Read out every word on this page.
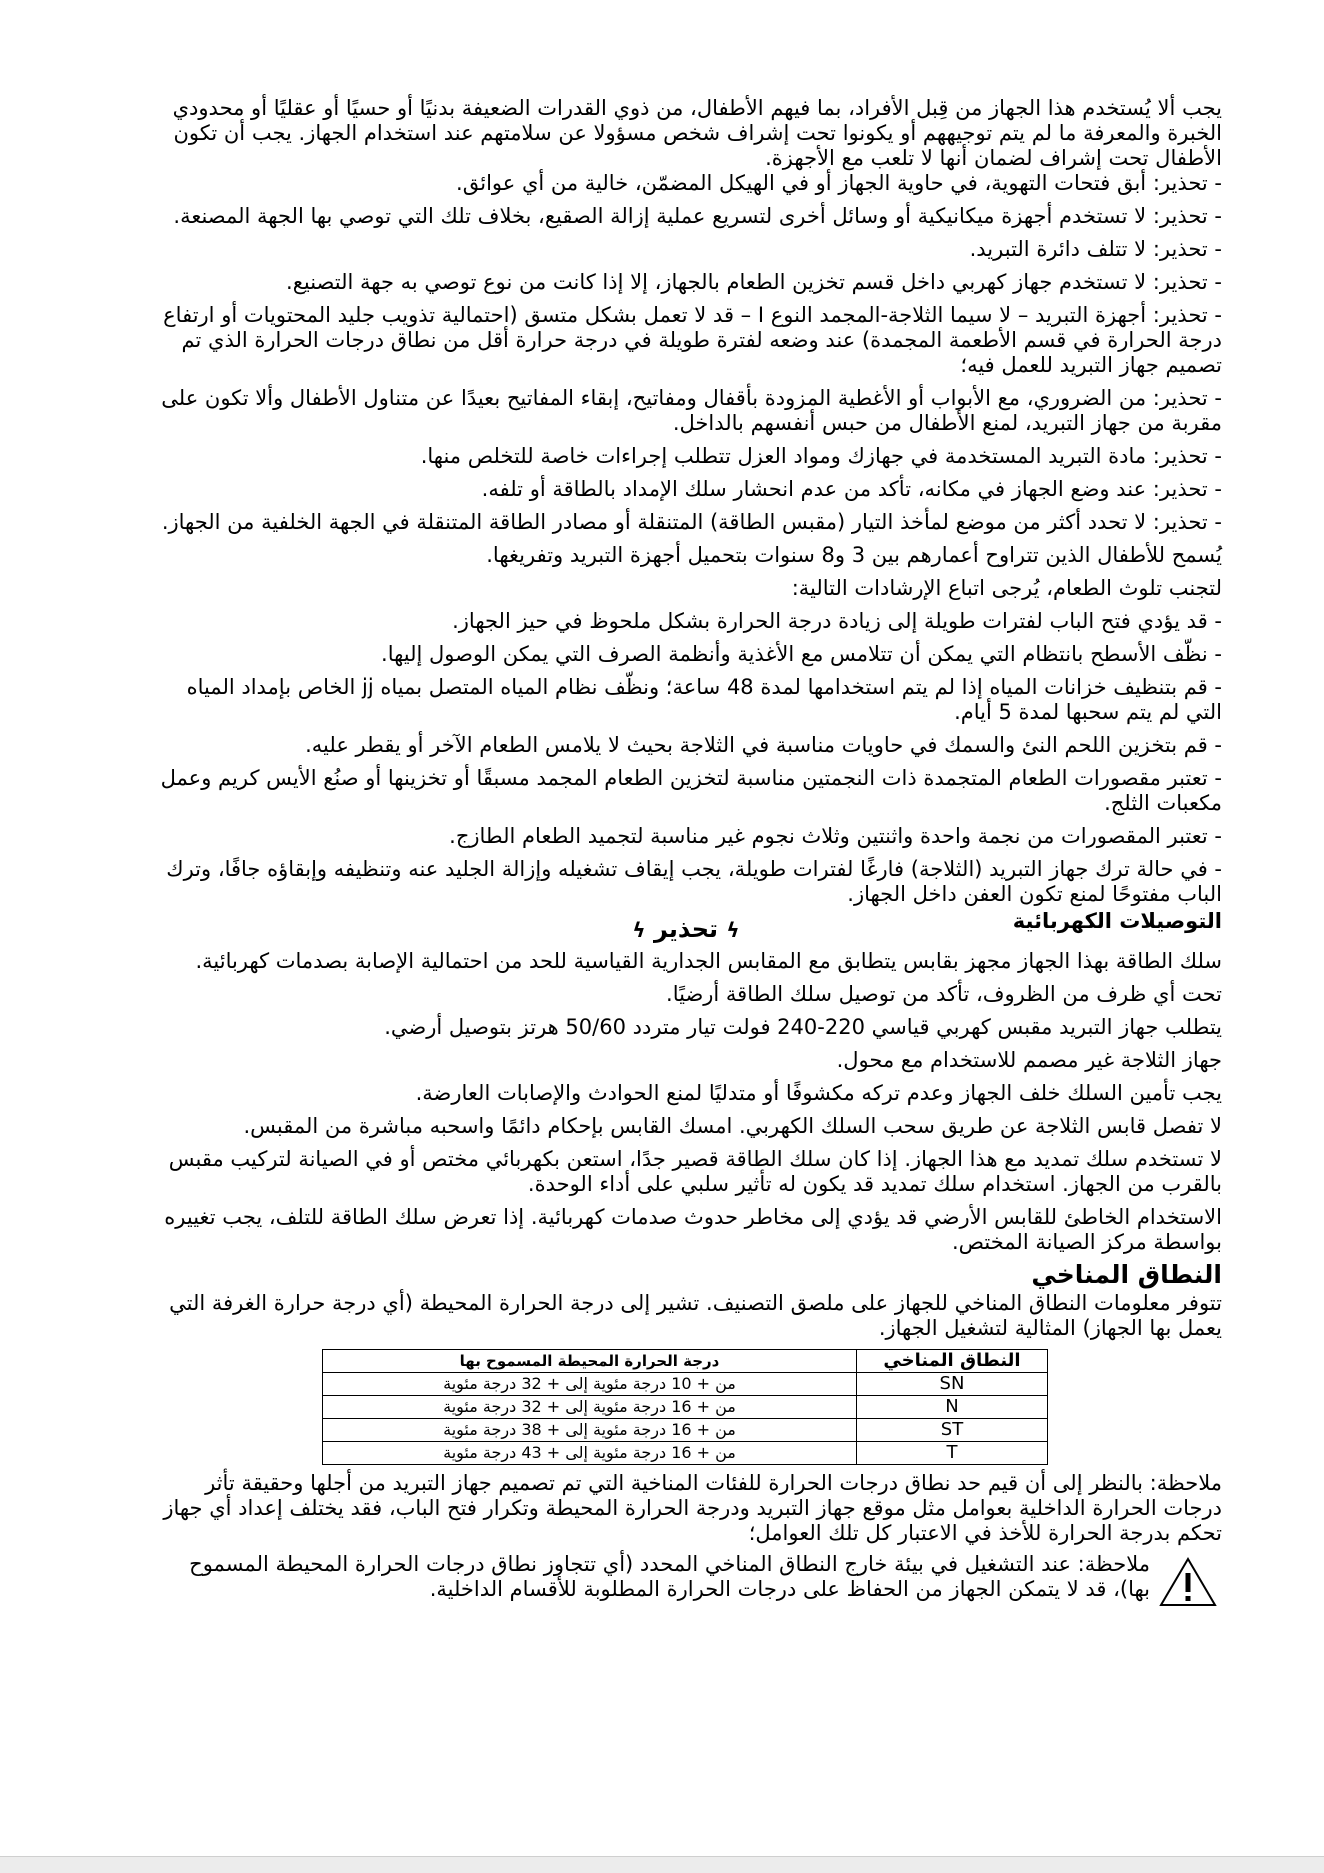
يجب ألا يُستخدم هذا الجهاز من قِبل الأفراد، بما فيهم الأطفال، من ذوي القدرات الضعيفة بدنيًا أو حسيًا أو عقليًا أو محدودي الخبرة والمعرفة ما لم يتم توجيههم أو يكونوا تحت إشراف شخص مسؤولا عن سلامتهم عند استخدام الجهاز. يجب أن تكون الأطفال تحت إشراف لضمان أنها لا تلعب مع الأجهزة.

- تحذير: أبق فتحات التهوية، في حاوية الجهاز أو في الهيكل المضمّن، خالية من أي عوائق.

- تحذير: لا تستخدم أجهزة ميكانيكية أو وسائل أخرى لتسريع عملية إزالة الصقيع، بخلاف تلك التي توصي بها الجهة المصنعة.

- تحذير: لا تتلف دائرة التبريد.

- تحذير: لا تستخدم جهاز كهربي داخل قسم تخزين الطعام بالجهاز، إلا إذا كانت من نوع توصي به جهة التصنيع.

- تحذير: أجهزة التبريد – لا سيما الثلاجة-المجمد النوع I – قد لا تعمل بشكل متسق (احتمالية تذويب جليد المحتويات أو ارتفاع درجة الحرارة في قسم الأطعمة المجمدة) عند وضعه لفترة طويلة في درجة حرارة أقل من نطاق درجات الحرارة الذي تم تصميم جهاز التبريد للعمل فيه؛

- تحذير: من الضروري، مع الأبواب أو الأغطية المزودة بأقفال ومفاتيح، إبقاء المفاتيح بعيدًا عن متناول الأطفال وألا تكون على مقربة من جهاز التبريد، لمنع الأطفال من حبس أنفسهم بالداخل.

- تحذير: مادة التبريد المستخدمة في جهازك ومواد العزل تتطلب إجراءات خاصة للتخلص منها.

- تحذير: عند وضع الجهاز في مكانه، تأكد من عدم انحشار سلك الإمداد بالطاقة أو تلفه.

- تحذير: لا تحدد أكثر من موضع لمأخذ التيار (مقبس الطاقة) المتنقلة أو مصادر الطاقة المتنقلة في الجهة الخلفية من الجهاز.

يُسمح للأطفال الذين تتراوح أعمارهم بين 3 و8 سنوات بتحميل أجهزة التبريد وتفريغها.

لتجنب تلوث الطعام، يُرجى اتباع الإرشادات التالية:

- قد يؤدي فتح الباب لفترات طويلة إلى زيادة درجة الحرارة بشكل ملحوظ في حيز الجهاز.

- نظّف الأسطح بانتظام التي يمكن أن تتلامس مع الأغذية وأنظمة الصرف التي يمكن الوصول إليها.

- قم بتنظيف خزانات المياه إذا لم يتم استخدامها لمدة 48 ساعة؛ ونظّف نظام المياه المتصل بمياه jj الخاص بإمداد المياه التي لم يتم سحبها لمدة 5 أيام.

- قم بتخزين اللحم النئ والسمك في حاويات مناسبة في الثلاجة بحيث لا يلامس الطعام الآخر أو يقطر عليه.

- تعتبر مقصورات الطعام المتجمدة ذات النجمتين مناسبة لتخزين الطعام المجمد مسبقًا أو تخزينها أو صنُع الأيس كريم وعمل مكعبات الثلج.

- تعتبر المقصورات من نجمة واحدة واثنتين وثلاث نجوم غير مناسبة لتجميد الطعام الطازج.

- في حالة ترك جهاز التبريد (الثلاجة) فارغًا لفترات طويلة، يجب إيقاف تشغيله وإزالة الجليد عنه وتنظيفه وإبقاؤه جافًا، وترك الباب مفتوحًا لمنع تكون العفن داخل الجهاز.

التوصيلات الكهربائية
ϟ تحذير ϟ

سلك الطاقة بهذا الجهاز مجهز بقابس يتطابق مع المقابس الجدارية القياسية للحد من احتمالية الإصابة بصدمات كهربائية.

تحت أي ظرف من الظروف، تأكد من توصيل سلك الطاقة أرضيًا.

يتطلب جهاز التبريد مقبس كهربي قياسي 220-240 فولت تيار متردد 50/60 هرتز بتوصيل أرضي.

جهاز الثلاجة غير مصمم للاستخدام مع محول.

يجب تأمين السلك خلف الجهاز وعدم تركه مكشوفًا أو متدليًا لمنع الحوادث والإصابات العارضة.

لا تفصل قابس الثلاجة عن طريق سحب السلك الكهربي. امسك القابس بإحكام دائمًا واسحبه مباشرة من المقبس.

لا تستخدم سلك تمديد مع هذا الجهاز. إذا كان سلك الطاقة قصير جدًا، استعن بكهربائي مختص أو في الصيانة لتركيب مقبس بالقرب من الجهاز. استخدام سلك تمديد قد يكون له تأثير سلبي على أداء الوحدة.

الاستخدام الخاطئ للقابس الأرضي قد يؤدي إلى مخاطر حدوث صدمات كهربائية. إذا تعرض سلك الطاقة للتلف، يجب تغييره بواسطة مركز الصيانة المختص.

النطاق المناخي

تتوفر معلومات النطاق المناخي للجهاز على ملصق التصنيف. تشير إلى درجة الحرارة المحيطة (أي درجة حرارة الغرفة التي يعمل بها الجهاز) المثالية لتشغيل الجهاز.

النطاق المناخي	درجة الحرارة المحيطة المسموح بها
SN	من + 10 درجة مئوية إلى + 32 درجة مئوية
N	من + 16 درجة مئوية إلى + 32 درجة مئوية
ST	من + 16 درجة مئوية إلى + 38 درجة مئوية
T	من + 16 درجة مئوية إلى + 43 درجة مئوية

ملاحظة: بالنظر إلى أن قيم حد نطاق درجات الحرارة للفئات المناخية التي تم تصميم جهاز التبريد من أجلها وحقيقة تأثر درجات الحرارة الداخلية بعوامل مثل موقع جهاز التبريد ودرجة الحرارة المحيطة وتكرار فتح الباب، فقد يختلف إعداد أي جهاز تحكم بدرجة الحرارة للأخذ في الاعتبار كل تلك العوامل؛

ملاحظة: عند التشغيل في بيئة خارج النطاق المناخي المحدد (أي تتجاوز نطاق درجات الحرارة المحيطة المسموح بها)، قد لا يتمكن الجهاز من الحفاظ على درجات الحرارة المطلوبة للأقسام الداخلية.
